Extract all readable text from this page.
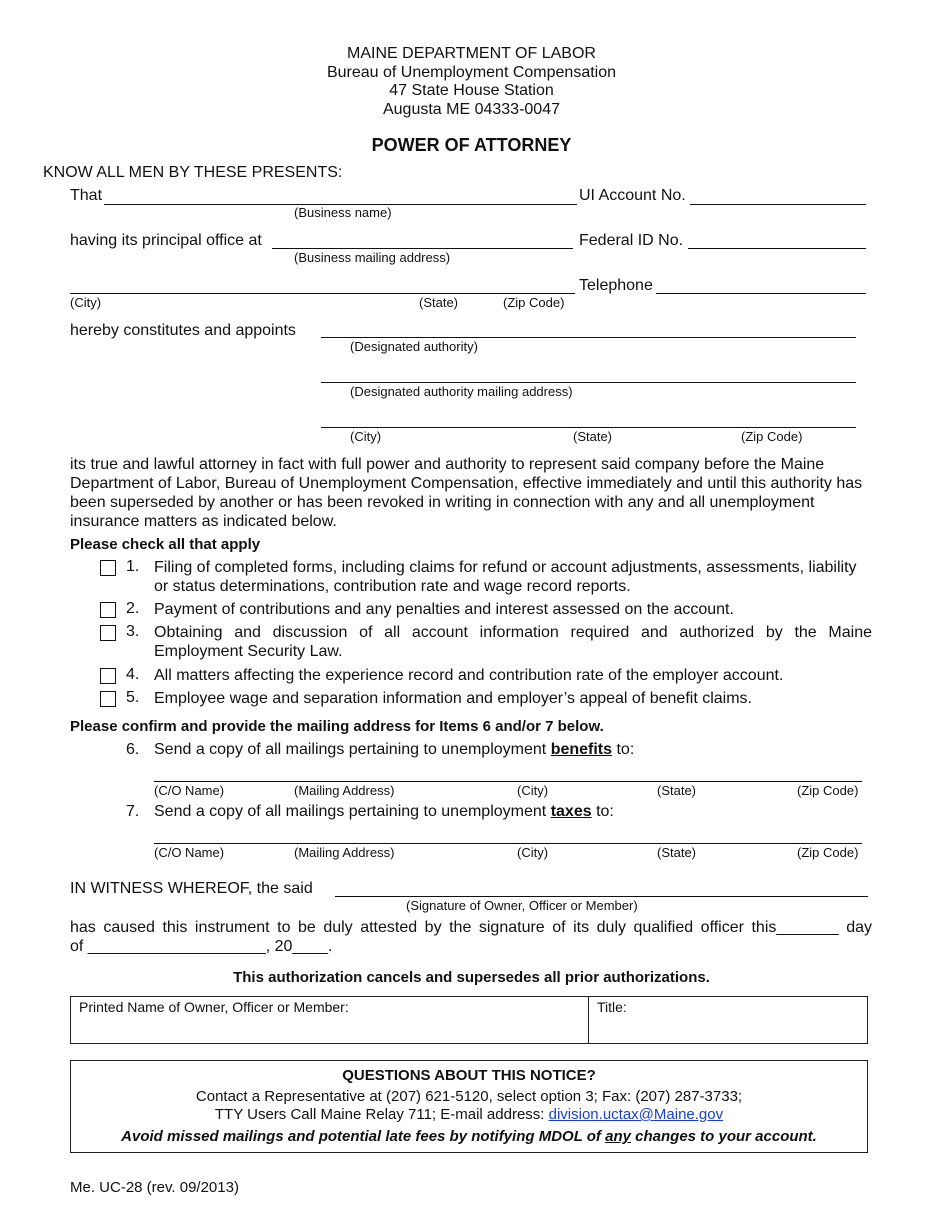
MAINE DEPARTMENT OF LABOR
Bureau of Unemployment Compensation
47 State House Station
Augusta ME 04333-0047
POWER OF ATTORNEY
KNOW ALL MEN BY THESE PRESENTS:
That
(Business name)
UI Account No.
having its principal office at
(Business mailing address)
Federal ID No.
(City)	(State)	(Zip Code)
Telephone
hereby constitutes and appoints
(Designated authority)
(Designated authority mailing address)
(City)	(State)	(Zip Code)
its true and lawful attorney in fact with full power and authority to represent said company before the Maine Department of Labor, Bureau of Unemployment Compensation, effective immediately and until this authority has been superseded by another or has been revoked in writing in connection with any and all unemployment insurance matters as indicated below.
Please check all that apply
1. Filing of completed forms, including claims for refund or account adjustments, assessments, liability or status determinations, contribution rate and wage record reports.
2. Payment of contributions and any penalties and interest assessed on the account.
3. Obtaining and discussion of all account information required and authorized by the Maine Employment Security Law.
4. All matters affecting the experience record and contribution rate of the employer account.
5. Employee wage and separation information and employer’s appeal of benefit claims.
Please confirm and provide the mailing address for Items 6 and/or 7 below.
6. Send a copy of all mailings pertaining to unemployment benefits to:
(C/O Name)	(Mailing Address)	(City)	(State)	(Zip Code)
7. Send a copy of all mailings pertaining to unemployment taxes to:
(C/O Name)	(Mailing Address)	(City)	(State)	(Zip Code)
IN WITNESS WHEREOF, the said
(Signature of Owner, Officer or Member)
has caused this instrument to be duly attested by the signature of its duly qualified officer this_______ day
of ____________________, 20____.
This authorization cancels and supersedes all prior authorizations.
Printed Name of Owner, Officer or Member:	Title:
QUESTIONS ABOUT THIS NOTICE?
Contact a Representative at (207) 621-5120, select option 3; Fax: (207) 287-3733;
TTY Users Call Maine Relay 711; E-mail address: division.uctax@Maine.gov
Avoid missed mailings and potential late fees by notifying MDOL of any changes to your account.
Me. UC-28 (rev. 09/2013)
